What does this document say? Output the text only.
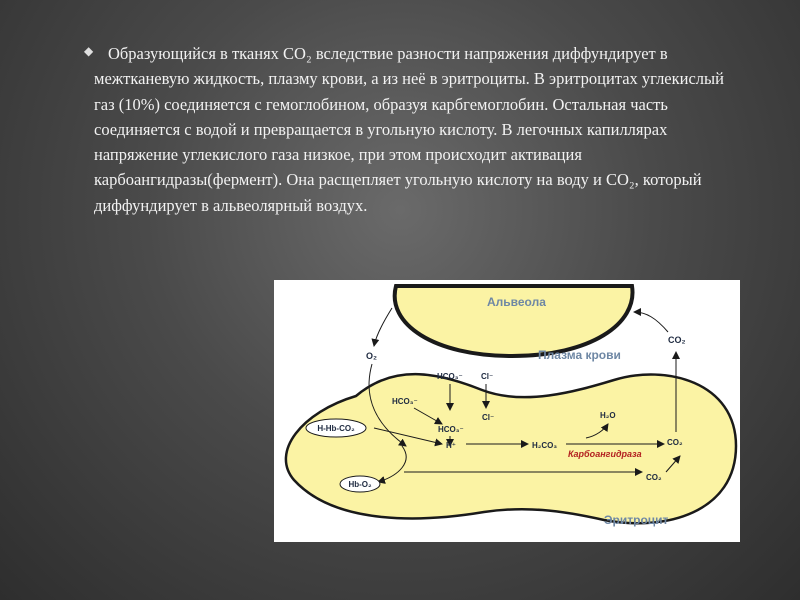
◆ Образующийся в тканях CO₂ вследствие разности напряжения диффундирует в межтканевую жидкость, плазму крови, а из неё в эритроциты. В эритроцитах углекислый газ (10%) соединяется с гемоглобином, образуя карбгемоглобин. Остальная часть соединяется с водой и превращается в угольную кислоту. В легочных капиллярах напряжение углекислого газа низкое, при этом происходит активация карбоангидразы(фермент). Она расщепляет угольную кислоту на воду и CO₂, который диффундирует в альвеолярный воздух.
Альвеола
Плазма крови
Эритроцит
O₂
CO₂
HCO₃⁻ Cl⁻
HCO₃⁻
Cl⁻
HCO₃⁻
H⁺	H₂CO₃
H₂O
CO₂
CO₂
Карбоангидраза
H-Hb-CO₂
Hb-O₂
